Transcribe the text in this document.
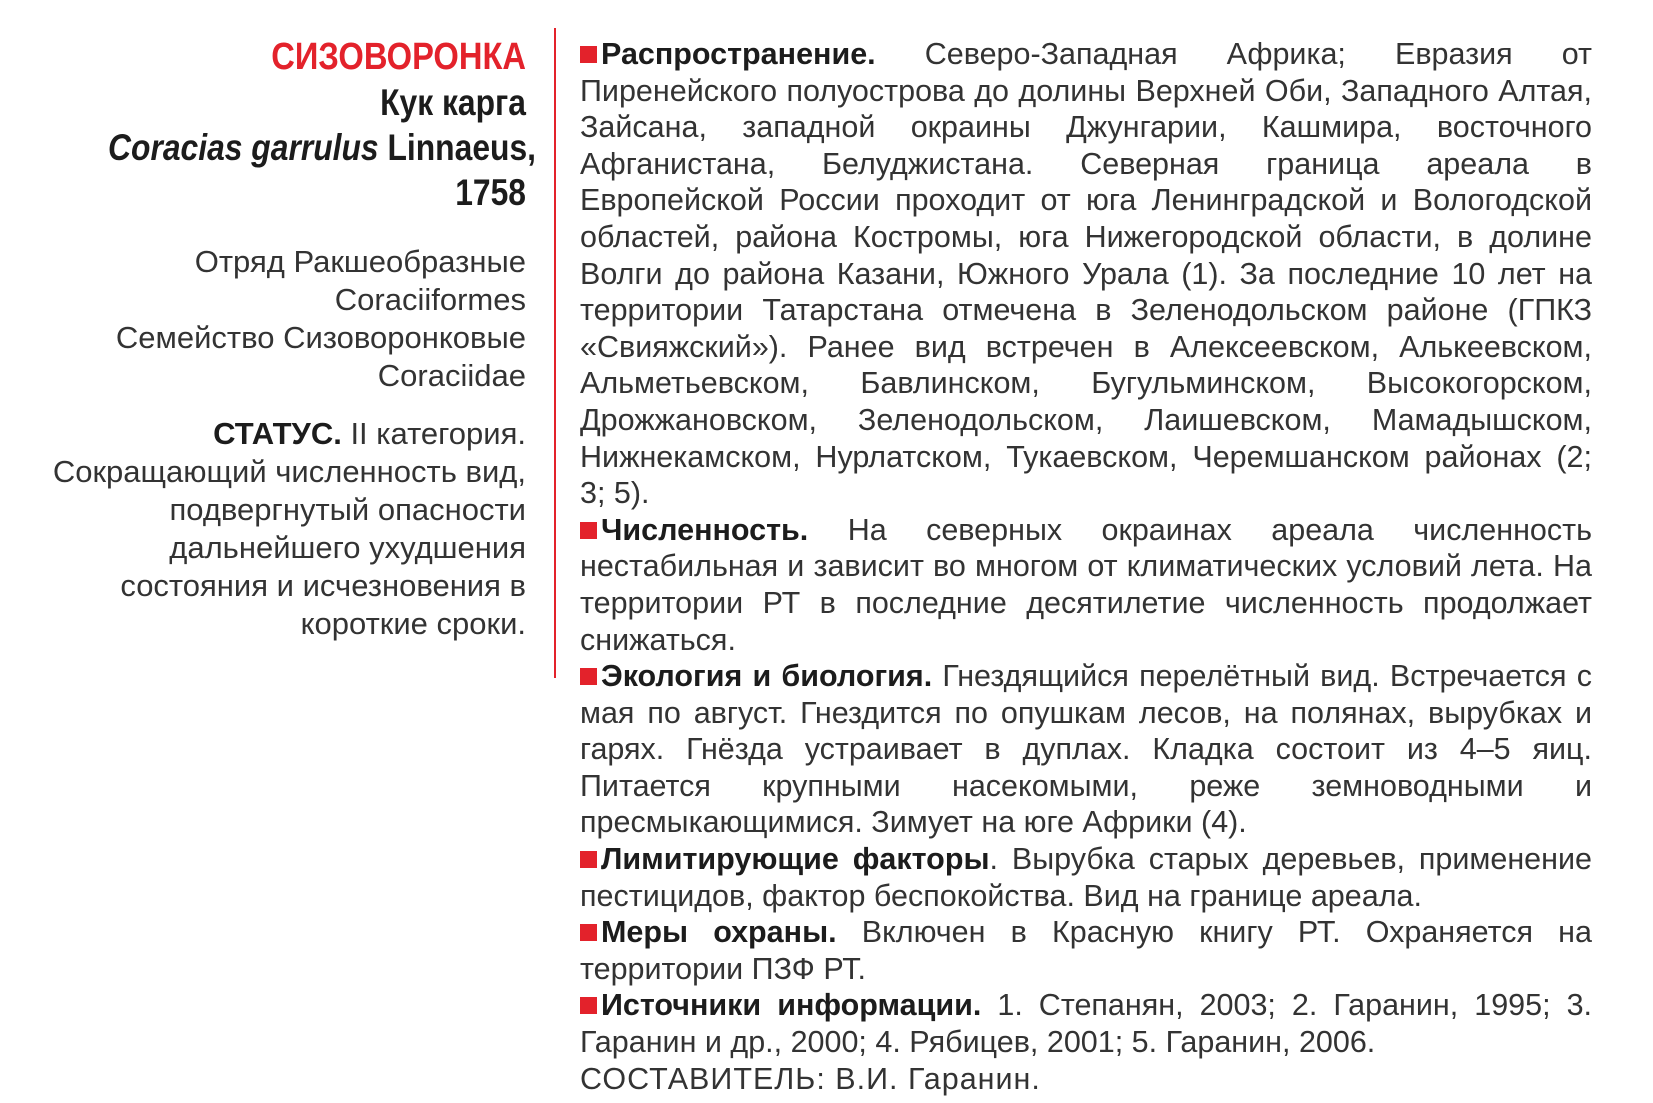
СИЗОВОРОНКА
Кук карга
Coracias garrulus Linnaeus,
1758
Отряд Ракшеобразные
Coraciiformes
Семейство Сизоворонковые
Coraciidae
СТАТУС. II категория. Сокращающий численность вид, подвергнутый опасности дальнейшего ухудшения состояния и исчезновения в короткие сроки.

Распространение. Северо-Западная Африка; Евразия от Пиренейского полуострова до долины Верхней Оби, Западного Алтая, Зайсана, западной окраины Джунгарии, Кашмира, восточного Афганистана, Белуджистана. Северная граница ареала в Европейской России проходит от юга Ленинградской и Вологодской областей, района Костромы, юга Нижегородской области, в долине Волги до района Казани, Южного Урала (1). За последние 10 лет на территории Татарстана отмечена в Зеленодольском районе (ГПКЗ «Свияжский»). Ранее вид встречен в Алексеевском, Алькеевском, Альметьевском, Бавлинском, Бугульминском, Высокогорском, Дрожжановском, Зеленодольском, Лаишевском, Мамадышском, Нижнекамском, Нурлатском, Тукаевском, Черемшанском районах (2; 3; 5).

Численность. На северных окраинах ареала численность нестабильная и зависит во многом от климатических условий лета. На территории РТ в последние десятилетие численность продолжает снижаться.

Экология и биология. Гнездящийся перелётный вид. Встречается с мая по август. Гнездится по опушкам лесов, на полянах, вырубках и гарях. Гнёзда устраивает в дуплах. Кладка состоит из 4–5 яиц. Питается крупными насекомыми, реже земноводными и пресмыкающимися. Зимует на юге Африки (4).

Лимитирующие факторы. Вырубка старых деревьев, применение пестицидов, фактор беспокойства. Вид на границе ареала.

Меры охраны. Включен в Красную книгу РТ. Охраняется на территории ПЗФ РТ.

Источники информации. 1. Степанян, 2003; 2. Гаранин, 1995; 3. Гаранин и др., 2000; 4. Рябицев, 2001; 5. Гаранин, 2006.

СОСТАВИТЕЛЬ: В.И. Гаранин.
